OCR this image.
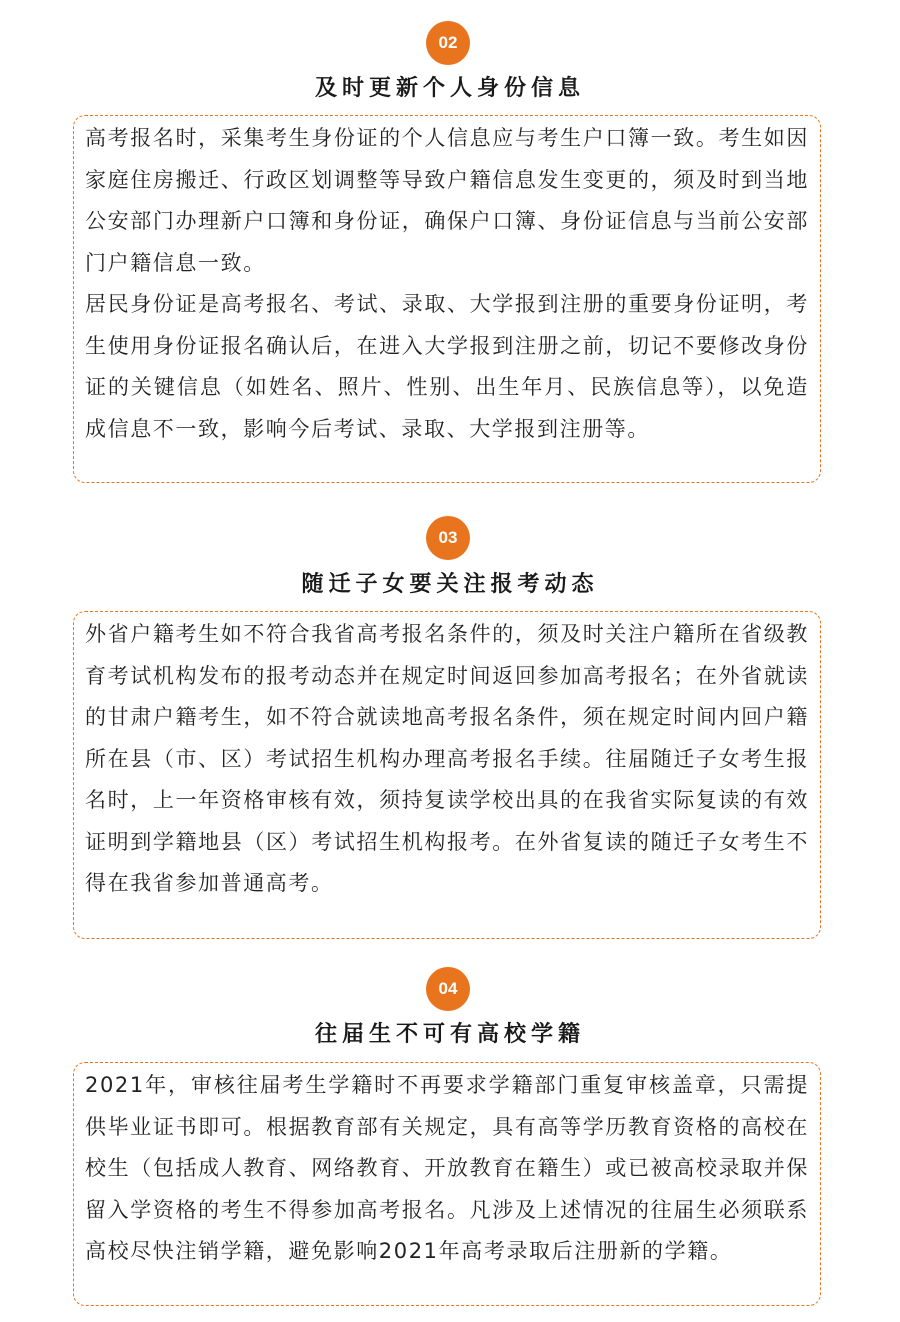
02
及时更新个人身份信息

高考报名时，采集考生身份证的个人信息应与考生户口簿一致。考生如因家庭住房搬迁、行政区划调整等导致户籍信息发生变更的，须及时到当地公安部门办理新户口簿和身份证，确保户口簿、身份证信息与当前公安部门户籍信息一致。

居民身份证是高考报名、考试、录取、大学报到注册的重要身份证明，考生使用身份证报名确认后，在进入大学报到注册之前，切记不要修改身份证的关键信息（如姓名、照片、性别、出生年月、民族信息等），以免造成信息不一致，影响今后考试、录取、大学报到注册等。

03
随迁子女要关注报考动态

外省户籍考生如不符合我省高考报名条件的，须及时关注户籍所在省级教育考试机构发布的报考动态并在规定时间返回参加高考报名；在外省就读的甘肃户籍考生，如不符合就读地高考报名条件，须在规定时间内回户籍所在县（市、区）考试招生机构办理高考报名手续。往届随迁子女考生报名时，上一年资格审核有效，须持复读学校出具的在我省实际复读的有效证明到学籍地县（区）考试招生机构报考。在外省复读的随迁子女考生不得在我省参加普通高考。

04
往届生不可有高校学籍

2021年，审核往届考生学籍时不再要求学籍部门重复审核盖章，只需提供毕业证书即可。根据教育部有关规定，具有高等学历教育资格的高校在校生（包括成人教育、网络教育、开放教育在籍生）或已被高校录取并保留入学资格的考生不得参加高考报名。凡涉及上述情况的往届生必须联系高校尽快注销学籍，避免影响2021年高考录取后注册新的学籍。
